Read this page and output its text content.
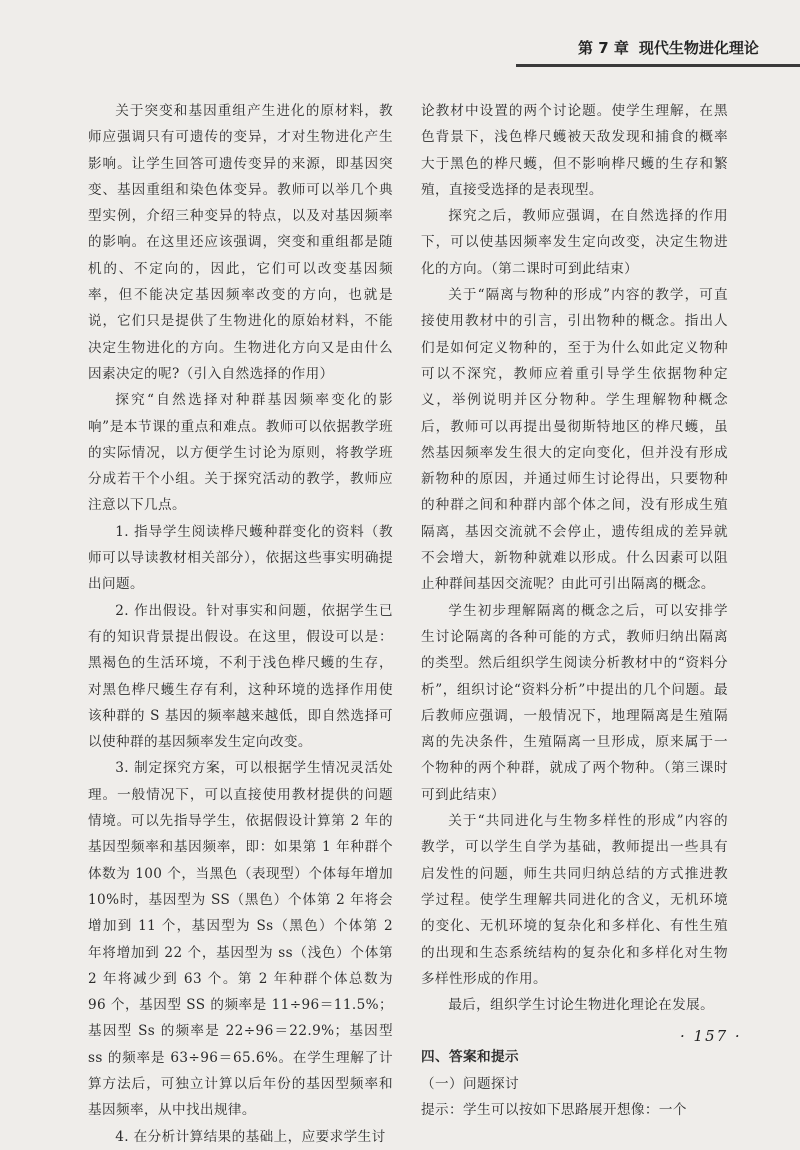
第 7 章 现代生物进化理论

关于突变和基因重组产生进化的原材料，教师应强调只有可遗传的变异，才对生物进化产生影响。让学生回答可遗传变异的来源，即基因突变、基因重组和染色体变异。教师可以举几个典型实例，介绍三种变异的特点，以及对基因频率的影响。在这里还应该强调，突变和重组都是随机的、不定向的，因此，它们可以改变基因频率，但不能决定基因频率改变的方向，也就是说，它们只是提供了生物进化的原始材料，不能决定生物进化的方向。生物进化方向又是由什么因素决定的呢?（引入自然选择的作用）

探究“自然选择对种群基因频率变化的影响”是本节课的重点和难点。教师可以依据教学班的实际情况，以方便学生讨论为原则，将教学班分成若干个小组。关于探究活动的教学，教师应注意以下几点。

1. 指导学生阅读桦尺蠖种群变化的资料（教师可以导读教材相关部分），依据这些事实明确提出问题。

2. 作出假设。针对事实和问题，依据学生已有的知识背景提出假设。在这里，假设可以是：黑褐色的生活环境，不利于浅色桦尺蠖的生存，对黑色桦尺蠖生存有利，这种环境的选择作用使该种群的 S 基因的频率越来越低，即自然选择可以使种群的基因频率发生定向改变。

3. 制定探究方案，可以根据学生情况灵活处理。一般情况下，可以直接使用教材提供的问题情境。可以先指导学生，依据假设计算第 2 年的基因型频率和基因频率，即：如果第 1 年种群个体数为 100 个，当黑色（表现型）个体每年增加 10%时，基因型为 SS（黑色）个体第 2 年将会增加到 11 个，基因型为 Ss（黑色）个体第 2 年将增加到 22 个，基因型为 ss（浅色）个体第 2 年将减少到 63 个。第 2 年种群个体总数为 96 个，基因型 SS 的频率是 11÷96＝11.5%；基因型 Ss 的频率是 22÷96＝22.9%；基因型 ss 的频率是 63÷96＝65.6%。在学生理解了计算方法后，可独立计算以后年份的基因型频率和基因频率，从中找出规律。

4. 在分析计算结果的基础上，应要求学生讨

论教材中设置的两个讨论题。使学生理解，在黑色背景下，浅色桦尺蠖被天敌发现和捕食的概率大于黑色的桦尺蠖，但不影响桦尺蠖的生存和繁殖，直接受选择的是表现型。

探究之后，教师应强调，在自然选择的作用下，可以使基因频率发生定向改变，决定生物进化的方向。（第二课时可到此结束）

关于“隔离与物种的形成”内容的教学，可直接使用教材中的引言，引出物种的概念。指出人们是如何定义物种的，至于为什么如此定义物种可以不深究，教师应着重引导学生依据物种定义，举例说明并区分物种。学生理解物种概念后，教师可以再提出曼彻斯特地区的桦尺蠖，虽然基因频率发生很大的定向变化，但并没有形成新物种的原因，并通过师生讨论得出，只要物种的种群之间和种群内部个体之间，没有形成生殖隔离，基因交流就不会停止，遗传组成的差异就不会增大，新物种就难以形成。什么因素可以阻止种群间基因交流呢？由此可引出隔离的概念。

学生初步理解隔离的概念之后，可以安排学生讨论隔离的各种可能的方式，教师归纳出隔离的类型。然后组织学生阅读分析教材中的“资料分析”，组织讨论“资料分析”中提出的几个问题。最后教师应强调，一般情况下，地理隔离是生殖隔离的先决条件，生殖隔离一旦形成，原来属于一个物种的两个种群，就成了两个物种。（第三课时可到此结束）

关于“共同进化与生物多样性的形成”内容的教学，可以学生自学为基础，教师提出一些具有启发性的问题，师生共同归纳总结的方式推进教学过程。使学生理解共同进化的含义，无机环境的变化、无机环境的复杂化和多样化、有性生殖的出现和生态系统结构的复杂化和多样化对生物多样性形成的作用。

最后，组织学生讨论生物进化理论在发展。

四、答案和提示

（一）问题探讨

提示：学生可以按如下思路展开想像：一个

· 157 ·
